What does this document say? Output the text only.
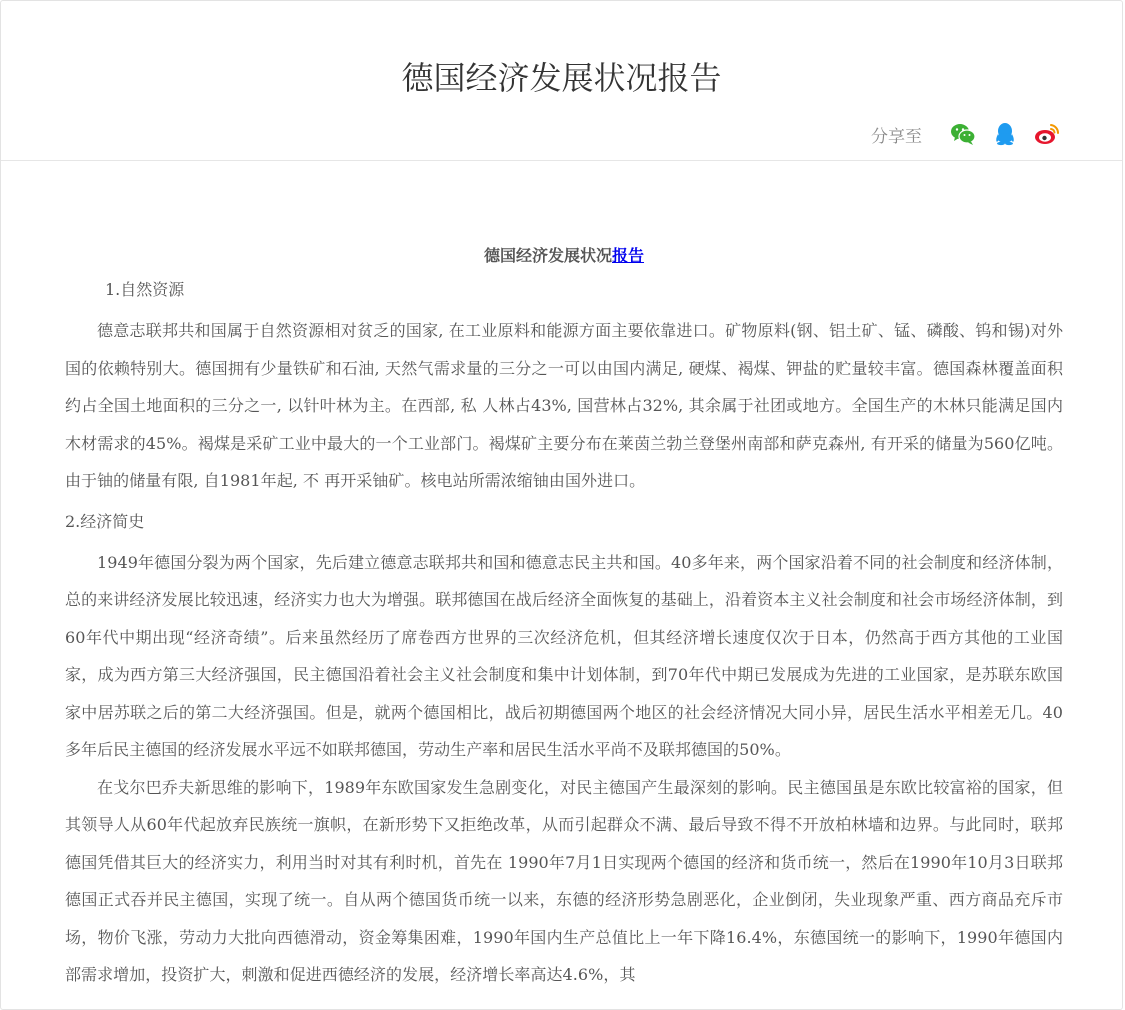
德国经济发展状况报告
分享至
德国经济发展状况报告

1.自然资源

德意志联邦共和国属于自然资源相对贫乏的国家, 在工业原料和能源方面主要依靠进口。矿物原料(钢、铝土矿、锰、磷酸、钨和锡)对外国的依赖特别大。德国拥有少量铁矿和石油, 天然气需求量的三分之一可以由国内满足, 硬煤、褐煤、钾盐的贮量较丰富。德国森林覆盖面积约占全国土地面积的三分之一, 以针叶林为主。在西部, 私 人林占43%, 国营林占32%, 其余属于社团或地方。全国生产的木林只能满足国内木材需求的45%。褐煤是采矿工业中最大的一个工业部门。褐煤矿主要分布在莱茵兰勃兰登堡州南部和萨克森州, 有开采的储量为560亿吨。由于铀的储量有限, 自1981年起, 不 再开采铀矿。核电站所需浓缩铀由国外进口。

2.经济简史

1949年德国分裂为两个国家，先后建立德意志联邦共和国和德意志民主共和国。40多年来，两个国家沿着不同的社会制度和经济体制，总的来讲经济发展比较迅速，经济实力也大为增强。联邦德国在战后经济全面恢复的基础上，沿着资本主义社会制度和社会市场经济体制，到60年代中期出现“经济奇绩”。后来虽然经历了席卷西方世界的三次经济危机，但其经济增长速度仅次于日本，仍然高于西方其他的工业国家，成为西方第三大经济强国，民主德国沿着社会主义社会制度和集中计划体制，到70年代中期已发展成为先进的工业国家，是苏联东欧国家中居苏联之后的第二大经济强国。但是，就两个德国相比，战后初期德国两个地区的社会经济情况大同小异，居民生活水平相差无几。40多年后民主德国的经济发展水平远不如联邦德国，劳动生产率和居民生活水平尚不及联邦德国的50%。

在戈尔巴乔夫新思维的影响下，1989年东欧国家发生急剧变化，对民主德国产生最深刻的影响。民主德国虽是东欧比较富裕的国家，但其领导人从60年代起放弃民族统一旗帜，在新形势下又拒绝改革，从而引起群众不满、最后导致不得不开放柏林墙和边界。与此同时，联邦德国凭借其巨大的经济实力，利用当时对其有利时机，首先在 1990年7月1日实现两个德国的经济和货币统一，然后在1990年10月3日联邦德国正式吞并民主德国，实现了统一。自从两个德国货币统一以来，东德的经济形势急剧恶化，企业倒闭，失业现象严重、西方商品充斥市场，物价飞涨，劳动力大批向西德滑动，资金筹集困难，1990年国内生产总值比上一年下降16.4%，东德国统一的影响下，1990年德国内部需求增加，投资扩大，刺激和促进西德经济的发展，经济增长率高达4.6%，其
